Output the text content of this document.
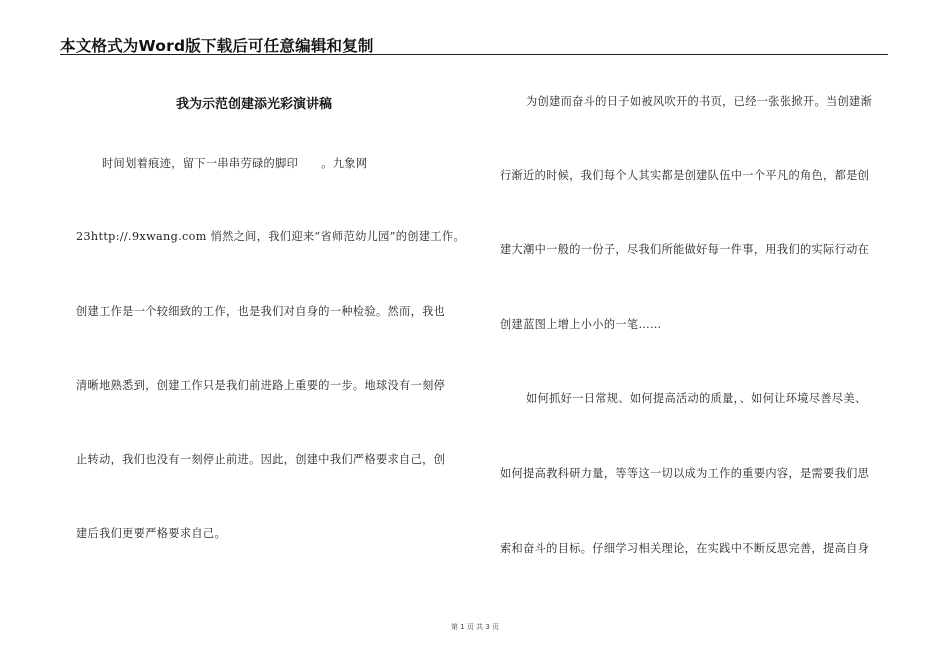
本文格式为Word版下载后可任意编辑和复制
我为示范创建添光彩演讲稿
时间划着痕迹，留下一串串劳碌的脚印　　。九象网
23http://.9xwang.com 悄然之间，我们迎来“省师范幼儿园”的创建工作。
创建工作是一个较细致的工作，也是我们对自身的一种检验。然而，我也
清晰地熟悉到，创建工作只是我们前进路上重要的一步。地球没有一刻停
止转动，我们也没有一刻停止前进。因此，创建中我们严格要求自己，创
建后我们更要严格要求自己。
为创建而奋斗的日子如被风吹开的书页，已经一张张掀开。当创建渐
行渐近的时候，我们每个人其实都是创建队伍中一个平凡的角色，都是创
建大潮中一般的一份子，尽我们所能做好每一件事，用我们的实际行动在
创建蓝图上增上小小的一笔……
如何抓好一日常规、如何提高活动的质量，、如何让环境尽善尽美、
如何提高教科研力量，等等这一切以成为工作的重要内容，是需要我们思
索和奋斗的目标。仔细学习相关理论，在实践中不断反思完善，提高自身
第 1 页 共 3 页
